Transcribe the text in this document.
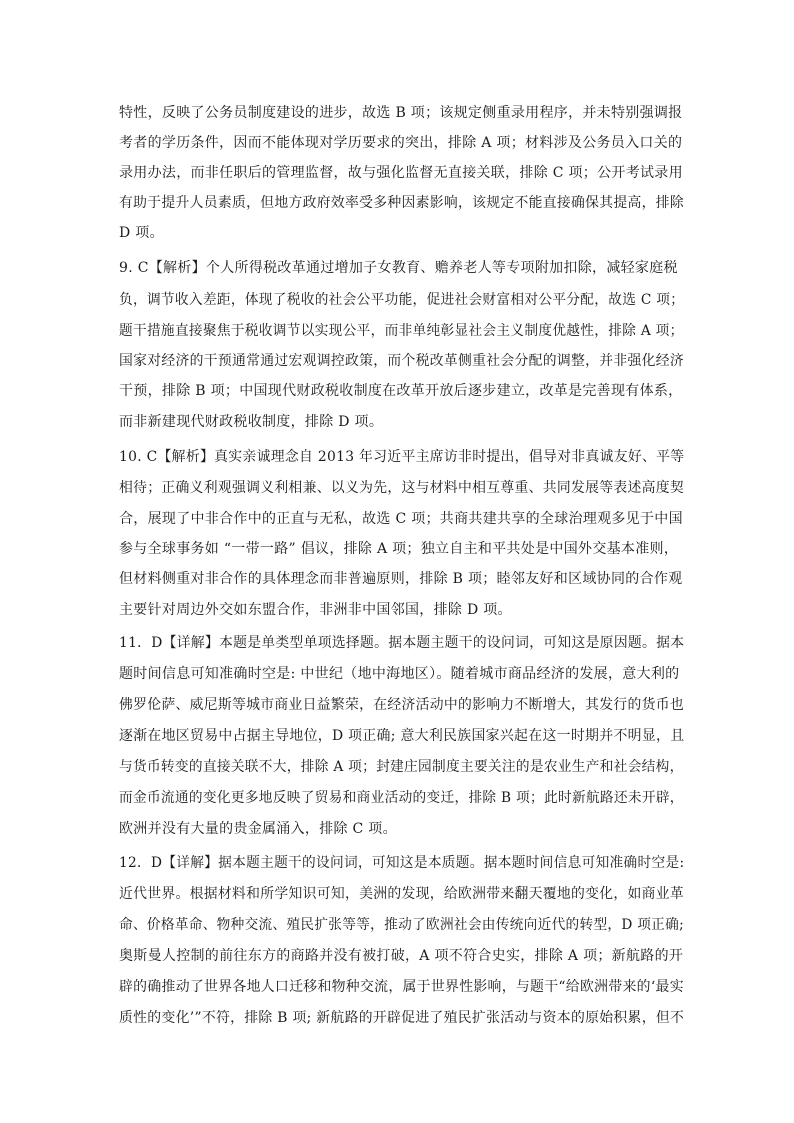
特性，反映了公务员制度建设的进步，故选 B 项；该规定侧重录用程序，并未特别强调报
考者的学历条件，因而不能体现对学历要求的突出，排除 A 项；材料涉及公务员入口关的
录用办法，而非任职后的管理监督，故与强化监督无直接关联，排除 C 项；公开考试录用
有助于提升人员素质，但地方政府效率受多种因素影响，该规定不能直接确保其提高，排除
D 项。
9. C【解析】个人所得税改革通过增加子女教育、赡养老人等专项附加扣除，减轻家庭税
负，调节收入差距，体现了税收的社会公平功能，促进社会财富相对公平分配，故选 C 项；
题干措施直接聚焦于税收调节以实现公平，而非单纯彰显社会主义制度优越性，排除 A 项；
国家对经济的干预通常通过宏观调控政策，而个税改革侧重社会分配的调整，并非强化经济
干预，排除 B 项；中国现代财政税收制度在改革开放后逐步建立，改革是完善现有体系，
而非新建现代财政税收制度，排除 D 项。
10. C【解析】真实亲诚理念自 2013 年习近平主席访非时提出，倡导对非真诚友好、平等
相待；正确义利观强调义利相兼、以义为先，这与材料中相互尊重、共同发展等表述高度契
合，展现了中非合作中的正直与无私，故选 C 项；共商共建共享的全球治理观多见于中国
参与全球事务如 “一带一路” 倡议，排除 A 项；独立自主和平共处是中国外交基本准则，
但材料侧重对非合作的具体理念而非普遍原则，排除 B 项；睦邻友好和区域协同的合作观
主要针对周边外交如东盟合作，非洲非中国邻国，排除 D 项。
11．D【详解】本题是单类型单项选择题。据本题主题干的设问词，可知这是原因题。据本
题时间信息可知准确时空是: 中世纪（地中海地区）。随着城市商品经济的发展，意大利的
佛罗伦萨、威尼斯等城市商业日益繁荣，在经济活动中的影响力不断增大，其发行的货币也
逐渐在地区贸易中占据主导地位，D 项正确; 意大利民族国家兴起在这一时期并不明显，且
与货币转变的直接关联不大，排除 A 项；封建庄园制度主要关注的是农业生产和社会结构，
而金币流通的变化更多地反映了贸易和商业活动的变迁，排除 B 项；此时新航路还未开辟，
欧洲并没有大量的贵金属涌入，排除 C 项。
12．D【详解】据本题主题干的设问词，可知这是本质题。据本题时间信息可知准确时空是:
近代世界。根据材料和所学知识可知，美洲的发现，给欧洲带来翻天覆地的变化，如商业革
命、价格革命、物种交流、殖民扩张等等，推动了欧洲社会由传统向近代的转型，D 项正确;
奥斯曼人控制的前往东方的商路并没有被打破，A 项不符合史实，排除 A 项；新航路的开
辟的确推动了世界各地人口迁移和物种交流，属于世界性影响，与题干“给欧洲带来的‘最实
质性的变化’”不符，排除 B 项; 新航路的开辟促进了殖民扩张活动与资本的原始积累，但不
